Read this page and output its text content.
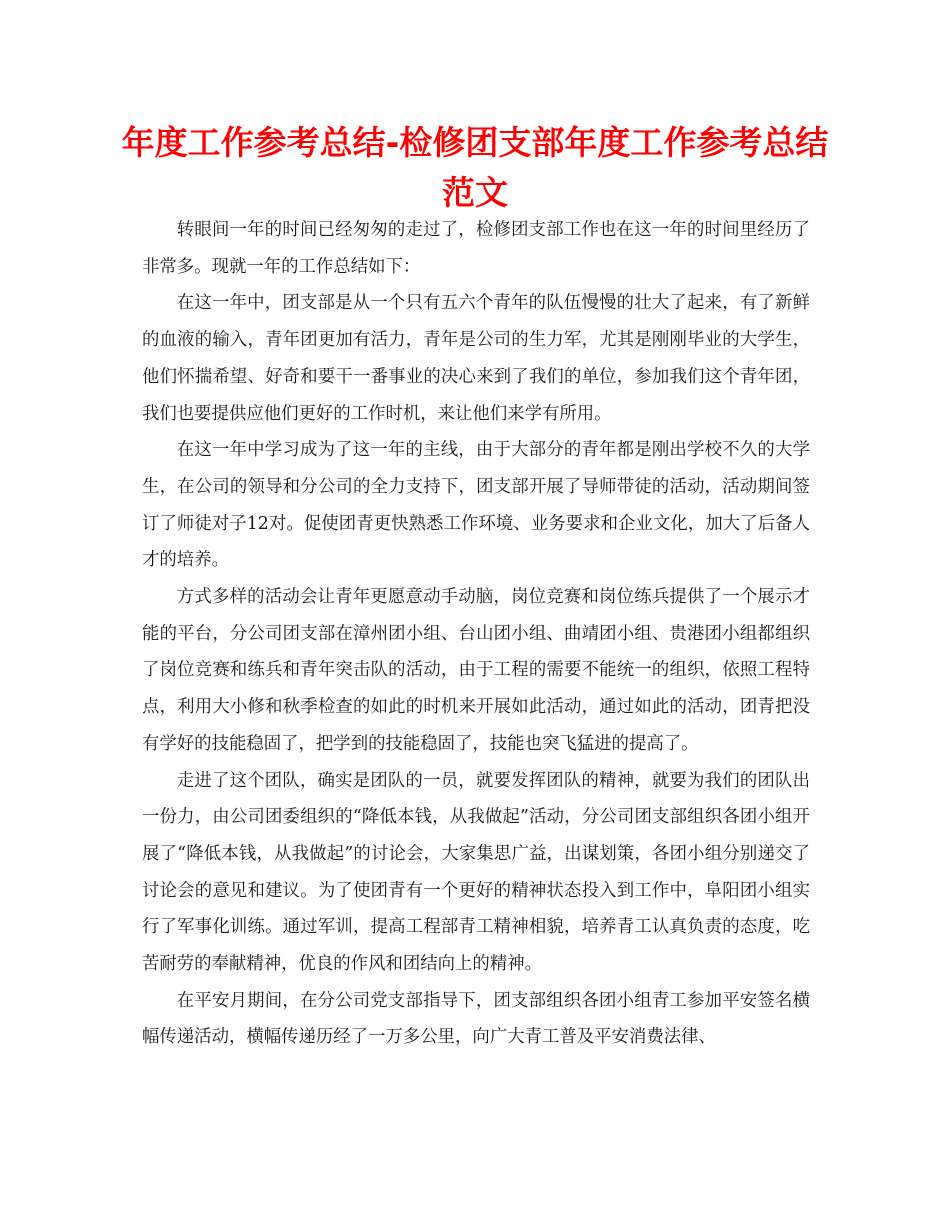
年度工作参考总结-检修团支部年度工作参考总结范文

转眼间一年的时间已经匆匆的走过了，检修团支部工作也在这一年的时间里经历了非常多。现就一年的工作总结如下：

在这一年中，团支部是从一个只有五六个青年的队伍慢慢的壮大了起来，有了新鲜的血液的输入，青年团更加有活力，青年是公司的生力军，尤其是刚刚毕业的大学生，他们怀揣希望、好奇和要干一番事业的决心来到了我们的单位，参加我们这个青年团，我们也要提供应他们更好的工作时机，来让他们来学有所用。

在这一年中学习成为了这一年的主线，由于大部分的青年都是刚出学校不久的大学生，在公司的领导和分公司的全力支持下，团支部开展了导师带徒的活动，活动期间签订了师徒对子12对。促使团青更快熟悉工作环境、业务要求和企业文化，加大了后备人才的培养。

方式多样的活动会让青年更愿意动手动脑，岗位竞赛和岗位练兵提供了一个展示才能的平台，分公司团支部在漳州团小组、台山团小组、曲靖团小组、贵港团小组都组织了岗位竞赛和练兵和青年突击队的活动，由于工程的需要不能统一的组织，依照工程特点，利用大小修和秋季检查的如此的时机来开展如此活动，通过如此的活动，团青把没有学好的技能稳固了，把学到的技能稳固了，技能也突飞猛进的提高了。

走进了这个团队，确实是团队的一员，就要发挥团队的精神，就要为我们的团队出一份力，由公司团委组织的“降低本钱，从我做起”活动，分公司团支部组织各团小组开展了“降低本钱，从我做起”的讨论会，大家集思广益，出谋划策，各团小组分别递交了讨论会的意见和建议。为了使团青有一个更好的精神状态投入到工作中，阜阳团小组实行了军事化训练。通过军训，提高工程部青工精神相貌，培养青工认真负责的态度，吃苦耐劳的奉献精神，优良的作风和团结向上的精神。

在平安月期间，在分公司党支部指导下，团支部组织各团小组青工参加平安签名横幅传递活动，横幅传递历经了一万多公里，向广大青工普及平安消费法律、
